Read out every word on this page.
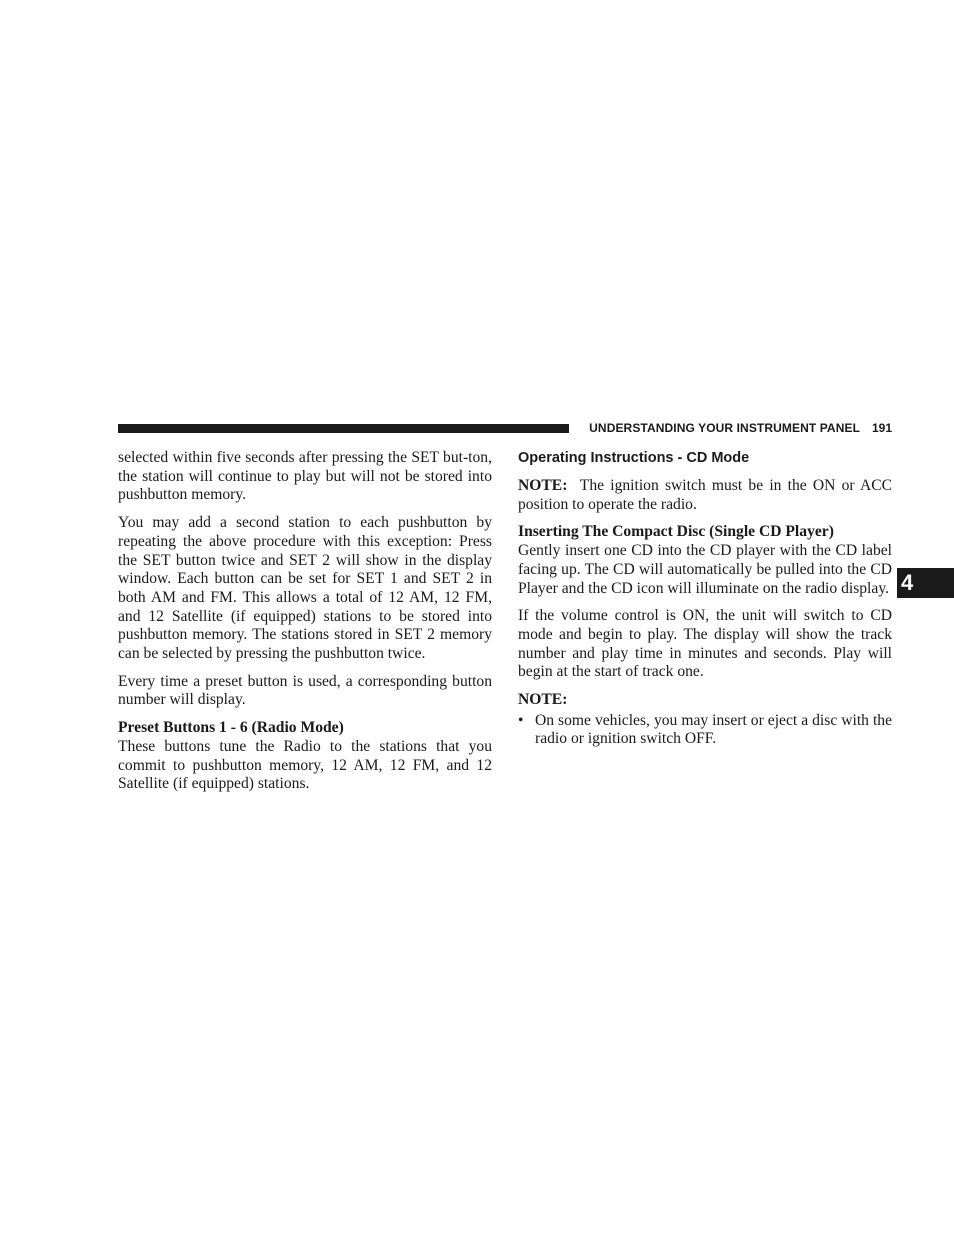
UNDERSTANDING YOUR INSTRUMENT PANEL 191

selected within five seconds after pressing the SET but-ton, the station will continue to play but will not be stored into pushbutton memory.

You may add a second station to each pushbutton by repeating the above procedure with this exception: Press the SET button twice and SET 2 will show in the display window. Each button can be set for SET 1 and SET 2 in both AM and FM. This allows a total of 12 AM, 12 FM, and 12 Satellite (if equipped) stations to be stored into pushbutton memory. The stations stored in SET 2 memory can be selected by pressing the pushbutton twice.

Every time a preset button is used, a corresponding button number will display.

Preset Buttons 1 - 6 (Radio Mode)

These buttons tune the Radio to the stations that you commit to pushbutton memory, 12 AM, 12 FM, and 12 Satellite (if equipped) stations.

Operating Instructions - CD Mode

NOTE: The ignition switch must be in the ON or ACC position to operate the radio.

Inserting The Compact Disc (Single CD Player)

Gently insert one CD into the CD player with the CD label facing up. The CD will automatically be pulled into the CD Player and the CD icon will illuminate on the radio display.

If the volume control is ON, the unit will switch to CD mode and begin to play. The display will show the track number and play time in minutes and seconds. Play will begin at the start of track one.

NOTE:
• On some vehicles, you may insert or eject a disc with the radio or ignition switch OFF.
4
